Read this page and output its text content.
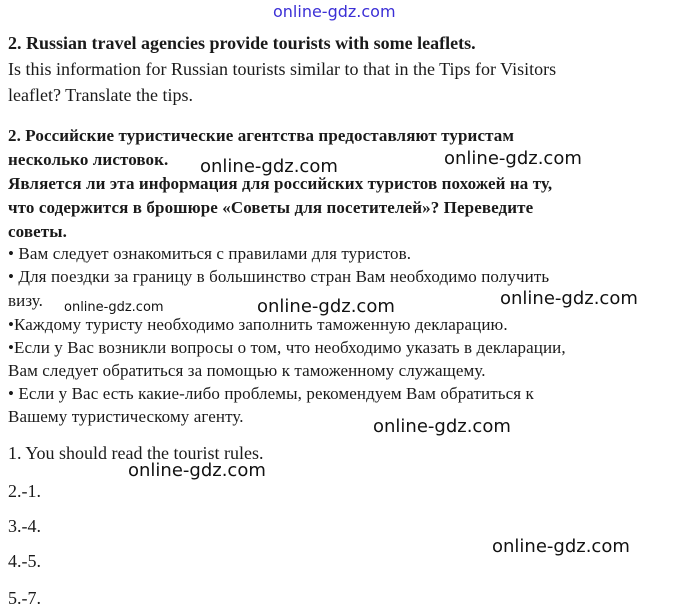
online-gdz.com
2. Russian travel agencies provide tourists with some leaflets.
Is this information for Russian tourists similar to that in the Tips for Visitors
leaflet? Translate the tips.
2. Российские туристические агентства предоставляют туристам
несколько листовок.
Является ли эта информация для российских туристов похожей на ту,
что содержится в брошюре «Советы для посетителей»? Переведите
советы.
• Вам следует ознакомиться с правилами для туристов.
• Для поездки за границу в большинство стран Вам необходимо получить
визу.
•Каждому туристу необходимо заполнить таможенную декларацию.
•Если у Вас возникли вопросы о том, что необходимо указать в декларации,
Вам следует обратиться за помощью к таможенному служащему.
• Если у Вас есть какие-либо проблемы, рекомендуем Вам обратиться к
Вашему туристическому агенту.
1. You should read the tourist rules.
2.-1.
3.-4.
4.-5.
5.-7.
online-gdz.com	online-gdz.com
online-gdz.com	online-gdz.com	online-gdz.com
online-gdz.com
online-gdz.com
online-gdz.com
